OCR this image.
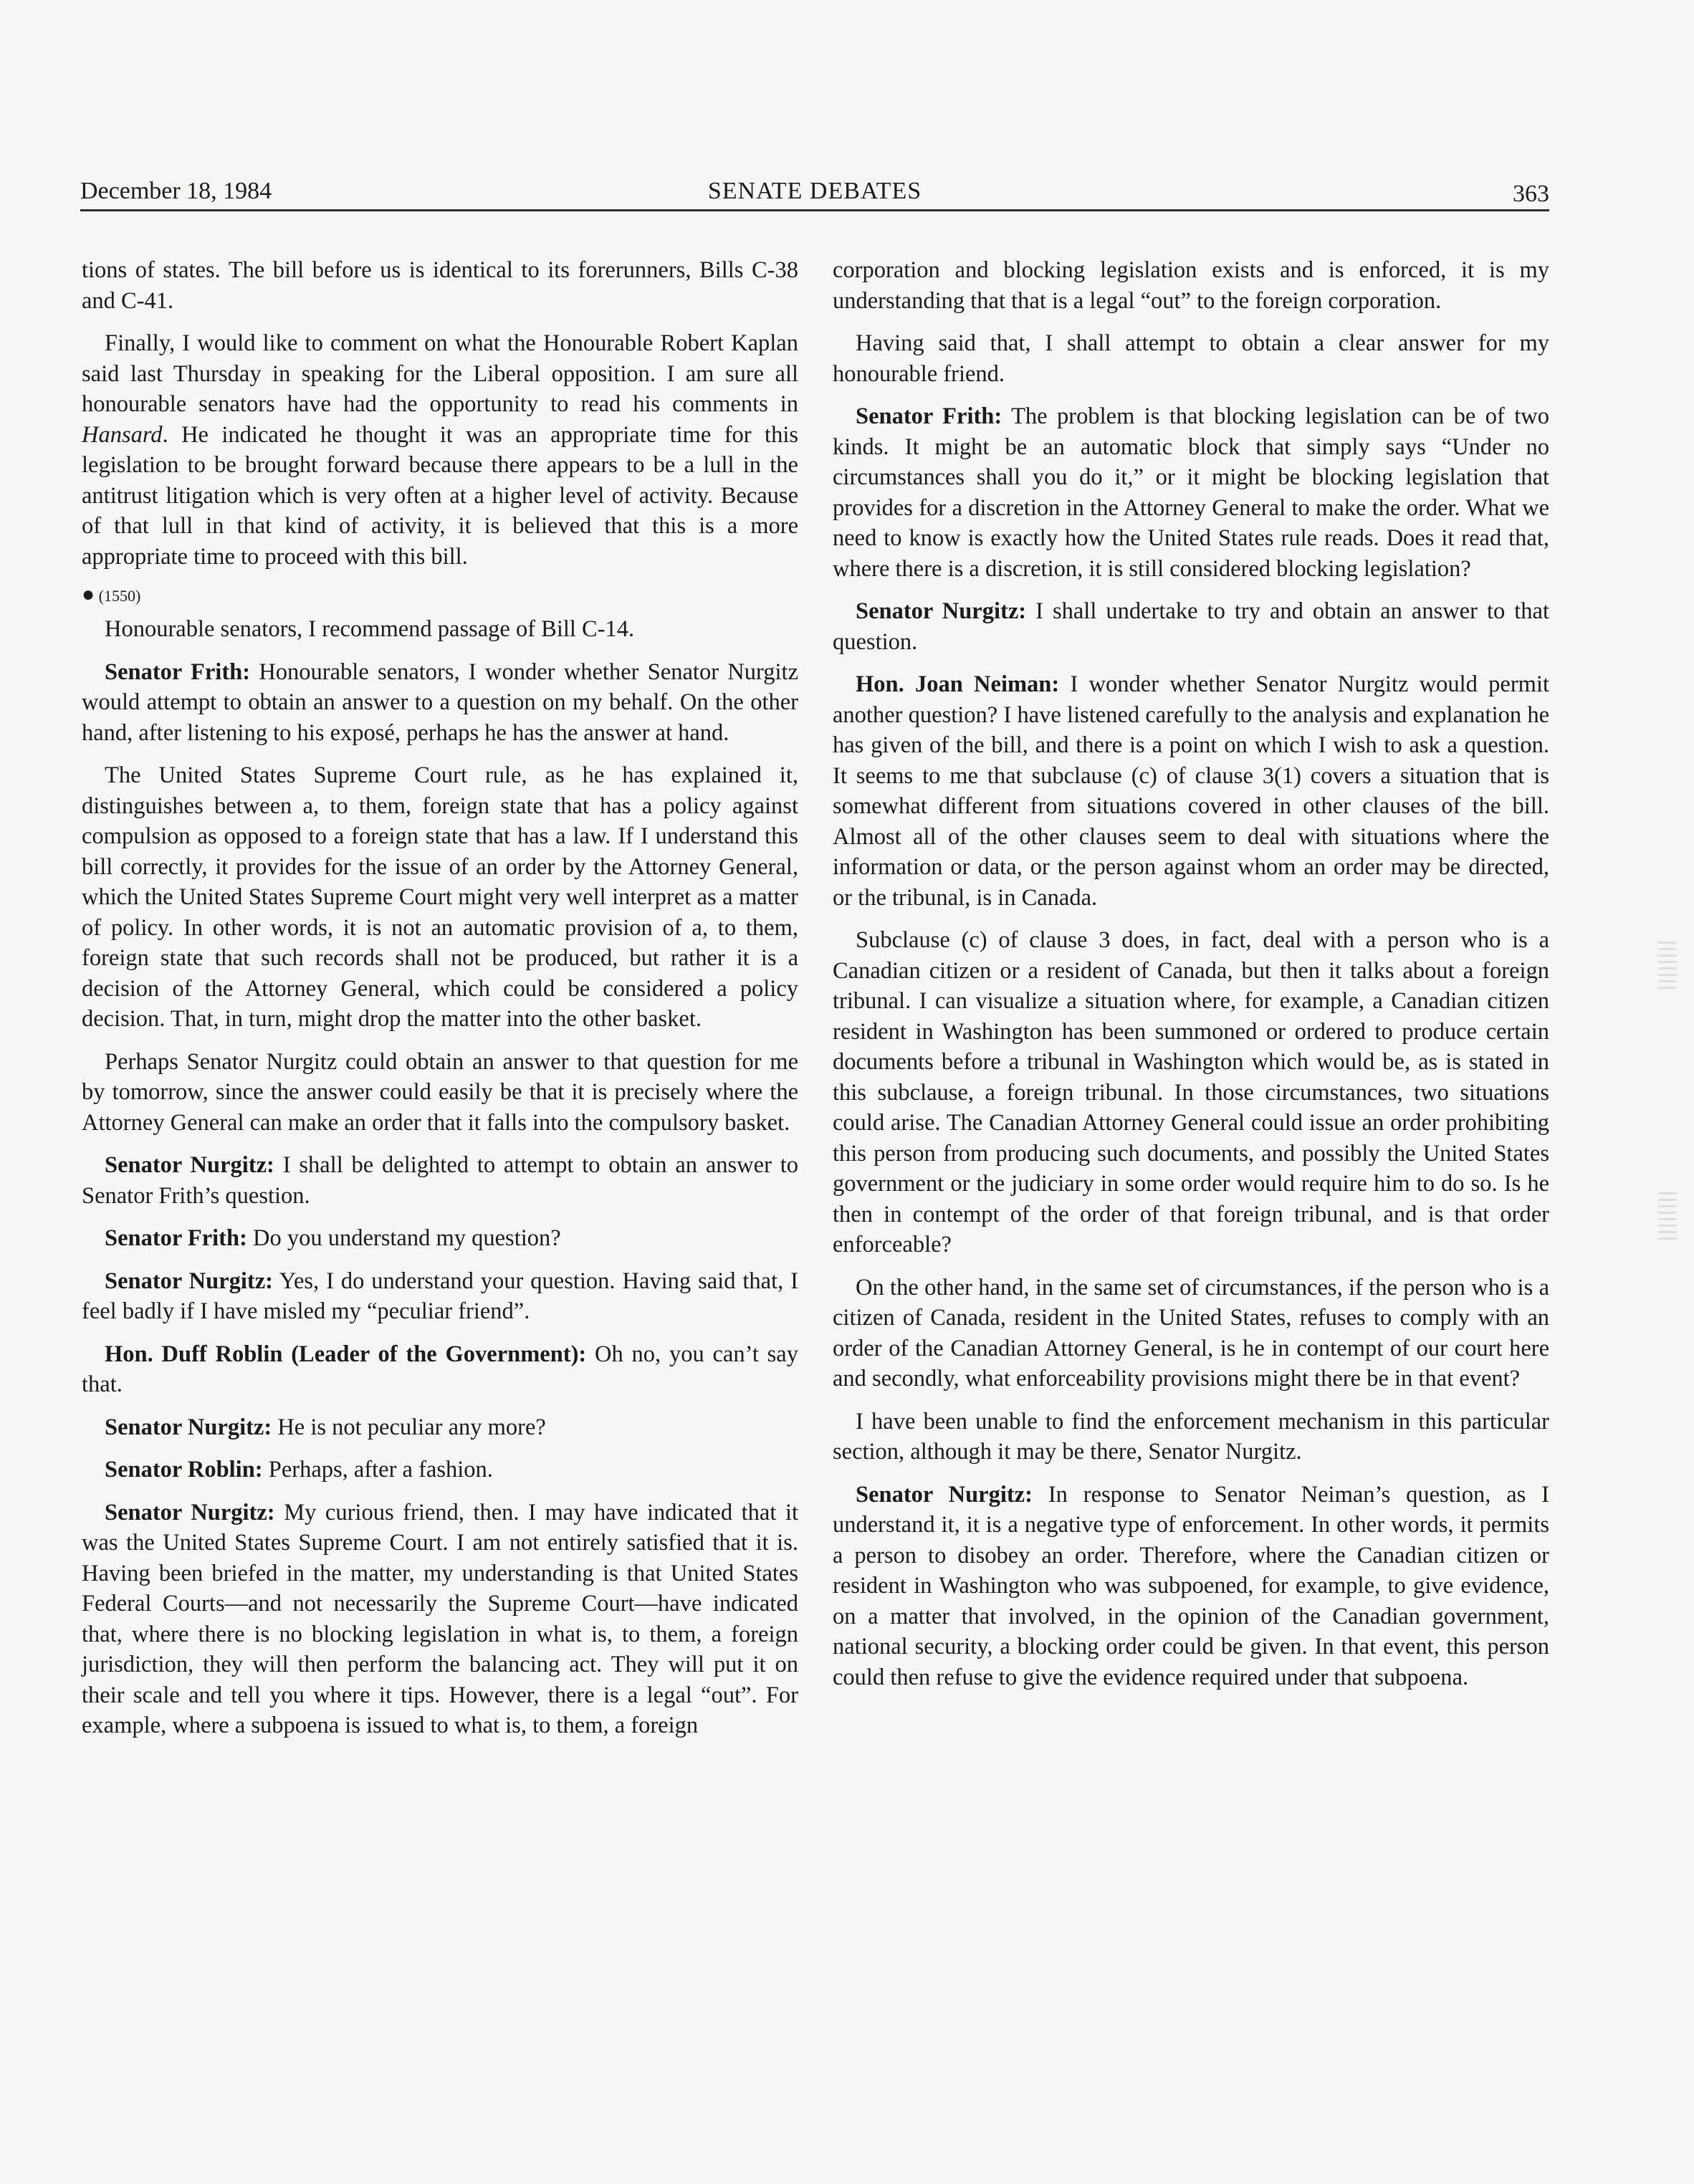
December 18, 1984	SENATE DEBATES	363

tions of states. The bill before us is identical to its forerunners, Bills C-38 and C-41.

Finally, I would like to comment on what the Honourable Robert Kaplan said last Thursday in speaking for the Liberal opposition. I am sure all honourable senators have had the opportunity to read his comments in Hansard. He indicated he thought it was an appropriate time for this legislation to be brought forward because there appears to be a lull in the antitrust litigation which is very often at a higher level of activity. Because of that lull in that kind of activity, it is believed that this is a more appropriate time to proceed with this bill.

● (1550)

Honourable senators, I recommend passage of Bill C-14.

Senator Frith: Honourable senators, I wonder whether Senator Nurgitz would attempt to obtain an answer to a question on my behalf. On the other hand, after listening to his exposé, perhaps he has the answer at hand.

The United States Supreme Court rule, as he has explained it, distinguishes between a, to them, foreign state that has a policy against compulsion as opposed to a foreign state that has a law. If I understand this bill correctly, it provides for the issue of an order by the Attorney General, which the United States Supreme Court might very well interpret as a matter of policy. In other words, it is not an automatic provision of a, to them, foreign state that such records shall not be produced, but rather it is a decision of the Attorney General, which could be considered a policy decision. That, in turn, might drop the matter into the other basket.

Perhaps Senator Nurgitz could obtain an answer to that question for me by tomorrow, since the answer could easily be that it is precisely where the Attorney General can make an order that it falls into the compulsory basket.

Senator Nurgitz: I shall be delighted to attempt to obtain an answer to Senator Frith’s question.

Senator Frith: Do you understand my question?

Senator Nurgitz: Yes, I do understand your question. Having said that, I feel badly if I have misled my “peculiar friend”.

Hon. Duff Roblin (Leader of the Government): Oh no, you can’t say that.

Senator Nurgitz: He is not peculiar any more?

Senator Roblin: Perhaps, after a fashion.

Senator Nurgitz: My curious friend, then. I may have indicated that it was the United States Supreme Court. I am not entirely satisfied that it is. Having been briefed in the matter, my understanding is that United States Federal Courts—and not necessarily the Supreme Court—have indicated that, where there is no blocking legislation in what is, to them, a foreign jurisdiction, they will then perform the balancing act. They will put it on their scale and tell you where it tips. However, there is a legal “out”. For example, where a subpoena is issued to what is, to them, a foreign

corporation and blocking legislation exists and is enforced, it is my understanding that that is a legal “out” to the foreign corporation.

Having said that, I shall attempt to obtain a clear answer for my honourable friend.

Senator Frith: The problem is that blocking legislation can be of two kinds. It might be an automatic block that simply says “Under no circumstances shall you do it,” or it might be blocking legislation that provides for a discretion in the Attorney General to make the order. What we need to know is exactly how the United States rule reads. Does it read that, where there is a discretion, it is still considered blocking legislation?

Senator Nurgitz: I shall undertake to try and obtain an answer to that question.

Hon. Joan Neiman: I wonder whether Senator Nurgitz would permit another question? I have listened carefully to the analysis and explanation he has given of the bill, and there is a point on which I wish to ask a question. It seems to me that subclause (c) of clause 3(1) covers a situation that is somewhat different from situations covered in other clauses of the bill. Almost all of the other clauses seem to deal with situations where the information or data, or the person against whom an order may be directed, or the tribunal, is in Canada.

Subclause (c) of clause 3 does, in fact, deal with a person who is a Canadian citizen or a resident of Canada, but then it talks about a foreign tribunal. I can visualize a situation where, for example, a Canadian citizen resident in Washington has been summoned or ordered to produce certain documents before a tribunal in Washington which would be, as is stated in this subclause, a foreign tribunal. In those circumstances, two situations could arise. The Canadian Attorney General could issue an order prohibiting this person from producing such documents, and possibly the United States government or the judiciary in some order would require him to do so. Is he then in contempt of the order of that foreign tribunal, and is that order enforceable?

On the other hand, in the same set of circumstances, if the person who is a citizen of Canada, resident in the United States, refuses to comply with an order of the Canadian Attorney General, is he in contempt of our court here and secondly, what enforceability provisions might there be in that event?

I have been unable to find the enforcement mechanism in this particular section, although it may be there, Senator Nurgitz.

Senator Nurgitz: In response to Senator Neiman’s question, as I understand it, it is a negative type of enforcement. In other words, it permits a person to disobey an order. Therefore, where the Canadian citizen or resident in Washington who was subpoened, for example, to give evidence, on a matter that involved, in the opinion of the Canadian government, national security, a blocking order could be given. In that event, this person could then refuse to give the evidence required under that subpoena.
